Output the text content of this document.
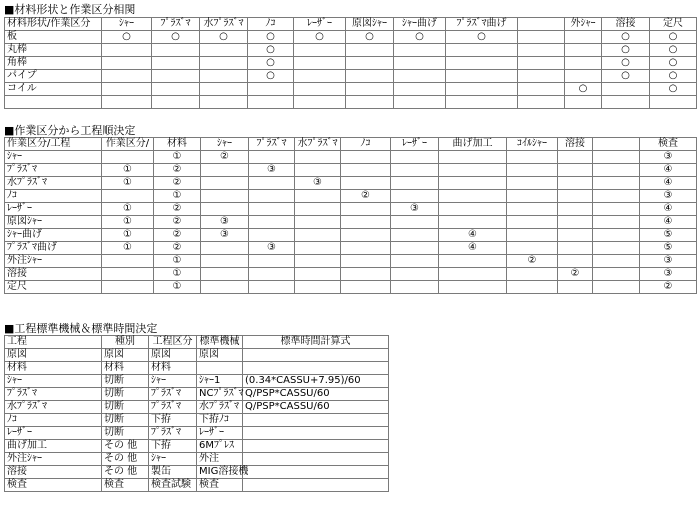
■材料形状と作業区分相関
材料形状/作業区分	ｼｬｰ	ﾌﾟﾗｽﾞﾏ	水ﾌﾟﾗｽﾞﾏ	ﾉｺ	ﾚｰｻﾞｰ	原図ｼｬｰ	ｼｬｰ曲げ	ﾌﾟﾗｽﾞﾏ曲げ		外ｼｬｰ	溶接	定尺
板	○	○	○	○	○	○	○	○			○	○
丸棒				○							○	○
角棒				○							○	○
パイプ				○							○	○
コイル										○		○

■作業区分から工程順決定
作業区分/工程	作業区分/	材料	ｼｬｰ	ﾌﾟﾗｽﾞﾏ	水ﾌﾟﾗｽﾞﾏ	ﾉｺ	ﾚｰｻﾞｰ	曲げ加工	ｺｲﾙｼｬｰ	溶接		検査
ｼｬｰ		①	②									③
ﾌﾟﾗｽﾞﾏ	①	②		③								④
水ﾌﾟﾗｽﾞﾏ	①	②			③							④
ﾉｺ		①				②						③
ﾚｰｻﾞｰ	①	②					③					④
原図ｼｬｰ	①	②	③									④
ｼｬｰ曲げ	①	②	③					④				⑤
ﾌﾟﾗｽﾞﾏ曲げ	①	②		③				④				⑤
外注ｼｬｰ		①							②			③
溶接		①								②		③
定尺		①										②
■工程標準機械＆標準時間決定
工程	種別	工程区分	標準機械	標準時間計算式
原図	原図	原図	原図	
材料	材料	材料		
ｼｬｰ	切断	ｼｬｰ	ｼｬｰ1	(0.34*CASSU+7.95)/60
ﾌﾟﾗｽﾞﾏ	切断	ﾌﾟﾗｽﾞﾏ	NCﾌﾟﾗｽﾞﾏ	Q/PSP*CASSU/60
水ﾌﾟﾗｽﾞﾏ	切断	ﾌﾟﾗｽﾞﾏ	水ﾌﾟﾗｽﾞﾏ	Q/PSP*CASSU/60
ﾉｺ	切断	下拵	下拵ﾉｺ	
ﾚｰｻﾞｰ	切断	ﾌﾟﾗｽﾞﾏ	ﾚｰｻﾞｰ	
曲げ加工	その 他	下拵	6Mﾌﾟﾚｽ	
外注ｼｬｰ	その 他	ｼｬｰ	外注	
溶接	その 他	製缶	MIG溶接機	
検査	検査	検査試験	検査	
